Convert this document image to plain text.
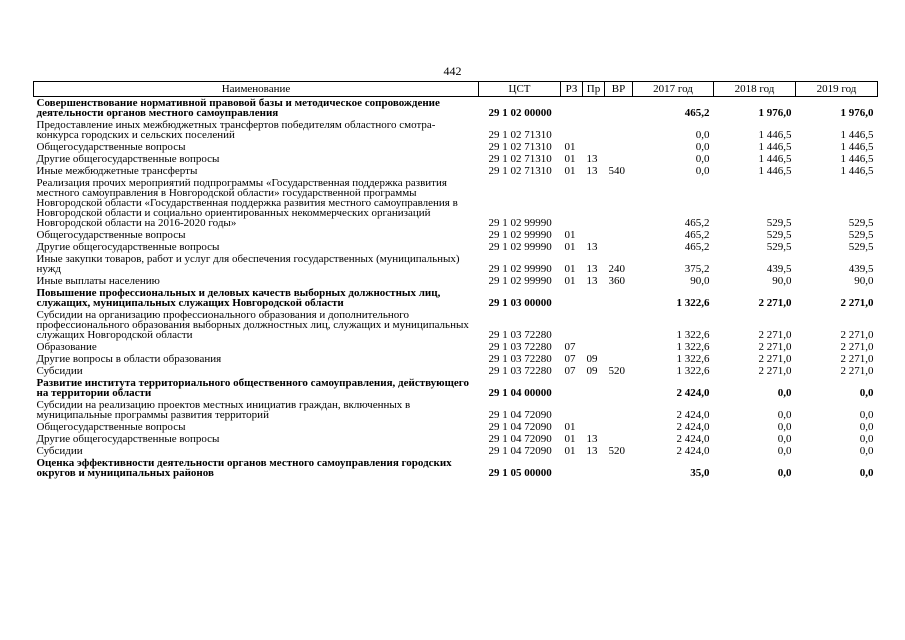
442
Наименование	ЦСТ	РЗ	Пр	ВР	2017 год	2018 год	2019 год
Совершенствование нормативной правовой базы и методическое сопровождение деятельности органов местного самоуправления	29 1 02 00000				465,2	1 976,0	1 976,0
Предоставление иных межбюджетных трансфертов победителям областного смотра-конкурса городских и сельских поселений	29 1 02 71310				0,0	1 446,5	1 446,5
Общегосударственные вопросы	29 1 02 71310	01			0,0	1 446,5	1 446,5
Другие общегосударственные вопросы	29 1 02 71310	01	13		0,0	1 446,5	1 446,5
Иные межбюджетные трансферты	29 1 02 71310	01	13	540	0,0	1 446,5	1 446,5
Реализация прочих мероприятий подпрограммы «Государственная поддержка развития местного самоуправления в Новгородской области» государственной программы Новгородской области «Государственная поддержка развития местного самоуправления в Новгородской области и социально ориентированных некоммерческих организаций Новгородской области на 2016-2020 годы»	29 1 02 99990				465,2	529,5	529,5
Общегосударственные вопросы	29 1 02 99990	01			465,2	529,5	529,5
Другие общегосударственные вопросы	29 1 02 99990	01	13		465,2	529,5	529,5
Иные закупки товаров, работ и услуг для обеспечения государственных (муниципальных) нужд	29 1 02 99990	01	13	240	375,2	439,5	439,5
Иные выплаты населению	29 1 02 99990	01	13	360	90,0	90,0	90,0
Повышение профессиональных и деловых качеств выборных должностных лиц, служащих, муниципальных служащих Новгородской области	29 1 03 00000				1 322,6	2 271,0	2 271,0
Субсидии на организацию профессионального образования и дополнительного профессионального образования выборных должностных лиц, служащих и муниципальных служащих Новгородской области	29 1 03 72280				1 322,6	2 271,0	2 271,0
Образование	29 1 03 72280	07			1 322,6	2 271,0	2 271,0
Другие вопросы в области образования	29 1 03 72280	07	09		1 322,6	2 271,0	2 271,0
Субсидии	29 1 03 72280	07	09	520	1 322,6	2 271,0	2 271,0
Развитие института территориального общественного самоуправления, действующего на территории области	29 1 04 00000				2 424,0	0,0	0,0
Субсидии на реализацию проектов местных инициатив граждан, включенных в муниципальные программы развития территорий	29 1 04 72090				2 424,0	0,0	0,0
Общегосударственные вопросы	29 1 04 72090	01			2 424,0	0,0	0,0
Другие общегосударственные вопросы	29 1 04 72090	01	13		2 424,0	0,0	0,0
Субсидии	29 1 04 72090	01	13	520	2 424,0	0,0	0,0
Оценка эффективности деятельности органов местного самоуправления городских округов и муниципальных районов	29 1 05 00000				35,0	0,0	0,0
